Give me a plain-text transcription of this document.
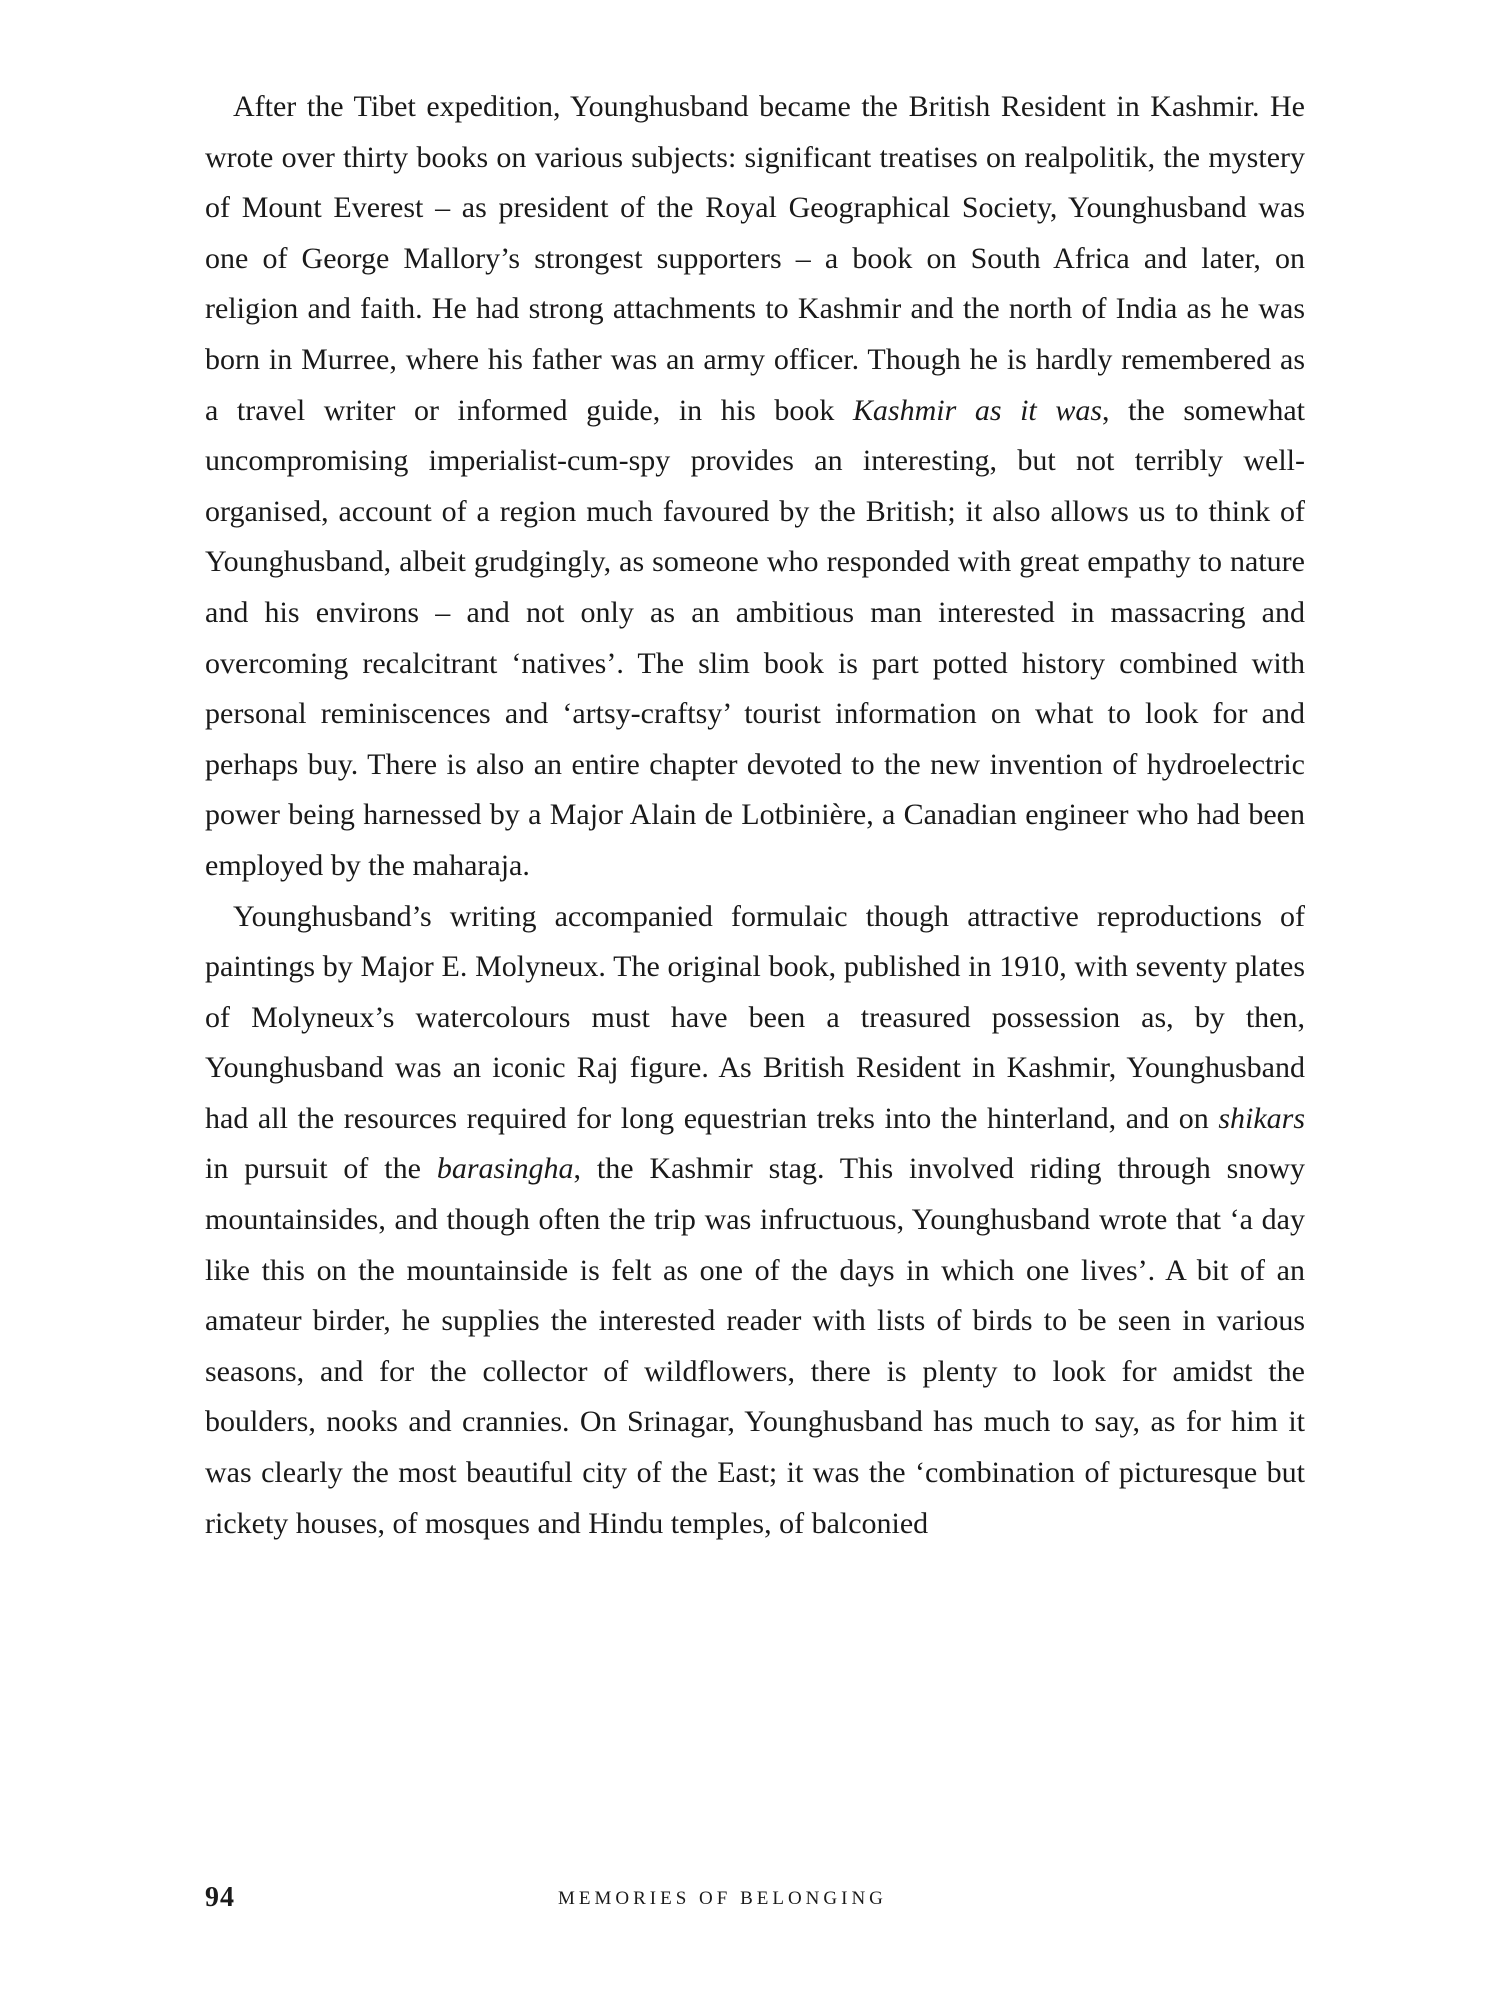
After the Tibet expedition, Younghusband became the British Resident in Kashmir. He wrote over thirty books on various subjects: significant treatises on realpolitik, the mystery of Mount Everest – as president of the Royal Geographical Society, Younghusband was one of George Mallory’s strongest supporters – a book on South Africa and later, on religion and faith. He had strong attachments to Kashmir and the north of India as he was born in Murree, where his father was an army officer. Though he is hardly remembered as a travel writer or informed guide, in his book Kashmir as it was, the somewhat uncompromising imperialist-cum-spy provides an interesting, but not terribly well-organised, account of a region much favoured by the British; it also allows us to think of Younghusband, albeit grudgingly, as someone who responded with great empathy to nature and his environs – and not only as an ambitious man interested in massacring and overcoming recalcitrant ‘natives’. The slim book is part potted history combined with personal reminiscences and ‘artsy-craftsy’ tourist information on what to look for and perhaps buy. There is also an entire chapter devoted to the new invention of hydroelectric power being harnessed by a Major Alain de Lotbinière, a Canadian engineer who had been employed by the maharaja.

Younghusband’s writing accompanied formulaic though attractive reproductions of paintings by Major E. Molyneux. The original book, published in 1910, with seventy plates of Molyneux’s watercolours must have been a treasured possession as, by then, Younghusband was an iconic Raj figure. As British Resident in Kashmir, Younghusband had all the resources required for long equestrian treks into the hinterland, and on shikars in pursuit of the barasingha, the Kashmir stag. This involved riding through snowy mountainsides, and though often the trip was infructuous, Younghusband wrote that ‘a day like this on the mountainside is felt as one of the days in which one lives’. A bit of an amateur birder, he supplies the interested reader with lists of birds to be seen in various seasons, and for the collector of wildflowers, there is plenty to look for amidst the boulders, nooks and crannies. On Srinagar, Younghusband has much to say, as for him it was clearly the most beautiful city of the East; it was the ‘combination of picturesque but rickety houses, of mosques and Hindu temples, of balconied

94	MEMORIES OF BELONGING
